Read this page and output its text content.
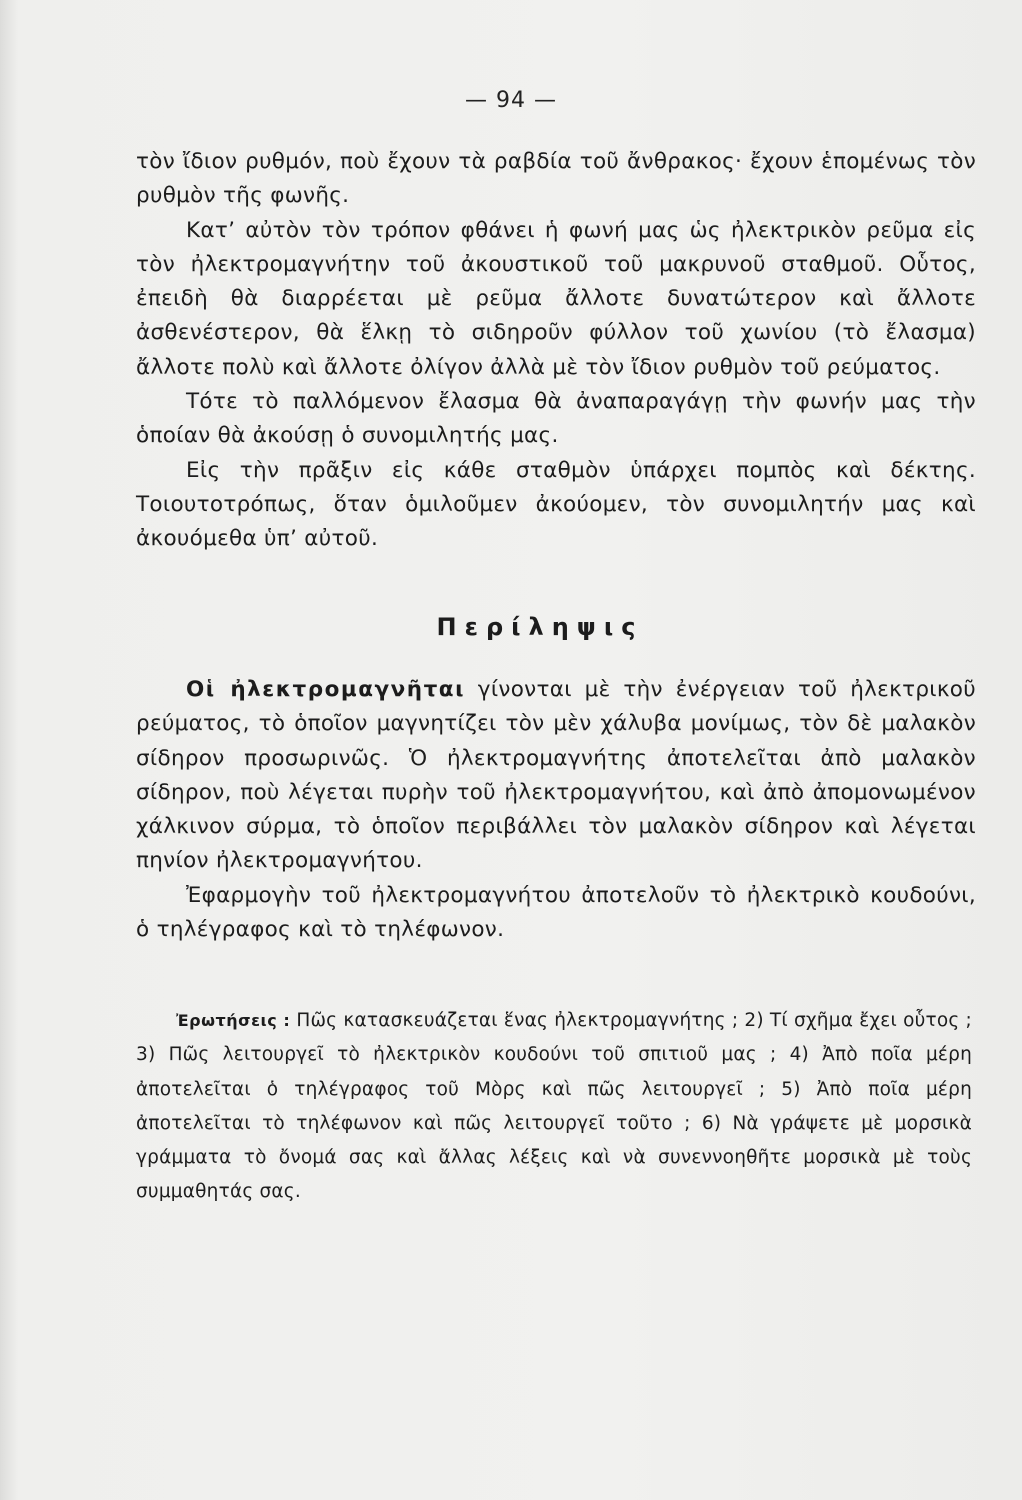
— 94 —

τὸν ἴδιον ρυθμόν, ποὺ ἔχουν τὰ ραβδία τοῦ ἄνθρακος· ἔχουν ἑπομένως τὸν ρυθμὸν τῆς φωνῆς.

Κατ’ αὐτὸν τὸν τρόπον φθάνει ἡ φωνή μας ὡς ἠλεκτρικὸν ρεῦμα εἰς τὸν ἠλεκτρομαγνήτην τοῦ ἀκουστικοῦ τοῦ μακρυνοῦ σταθμοῦ. Οὗτος, ἐπειδὴ θὰ διαρρέεται μὲ ρεῦμα ἄλλοτε δυνατώτερον καὶ ἄλλοτε ἀσθενέστερον, θὰ ἕλκῃ τὸ σιδηροῦν φύλλον τοῦ χωνίου (τὸ ἔλασμα) ἄλλοτε πολὺ καὶ ἄλλοτε ὀλίγον ἀλλὰ μὲ τὸν ἴδιον ρυθμὸν τοῦ ρεύματος.

Τότε τὸ παλλόμενον ἔλασμα θὰ ἀναπαραγάγῃ τὴν φωνήν μας τὴν ὁποίαν θὰ ἀκούσῃ ὁ συνομιλητής μας.

Εἰς τὴν πρᾶξιν εἰς κάθε σταθμὸν ὑπάρχει πομπὸς καὶ δέκτης. Τοιουτοτρόπως, ὅταν ὁμιλοῦμεν ἀκούομεν, τὸν συνομιλητήν μας καὶ ἀκουόμεθα ὑπ’ αὐτοῦ.

Περίληψις

Οἱ ἠλεκτρομαγνῆται γίνονται μὲ τὴν ἐνέργειαν τοῦ ἠλεκτρικοῦ ρεύματος, τὸ ὁποῖον μαγνητίζει τὸν μὲν χάλυβα μονίμως, τὸν δὲ μαλακὸν σίδηρον προσωρινῶς. Ὁ ἠλεκτρομαγνήτης ἀποτελεῖται ἀπὸ μαλακὸν σίδηρον, ποὺ λέγεται πυρὴν τοῦ ἠλεκτρομαγνήτου, καὶ ἀπὸ ἀπομονωμένον χάλκινον σύρμα, τὸ ὁποῖον περιβάλλει τὸν μαλακὸν σίδηρον καὶ λέγεται πηνίον ἠλεκτρομαγνήτου.

Ἐφαρμογὴν τοῦ ἠλεκτρομαγνήτου ἀποτελοῦν τὸ ἠλεκτρικὸ κουδούνι, ὁ τηλέγραφος καὶ τὸ τηλέφωνον.

Ἐρωτήσεις : Πῶς κατασκευάζεται ἕνας ἠλεκτρομαγνήτης ; 2) Τί σχῆμα ἔχει οὗτος ; 3) Πῶς λειτουργεῖ τὸ ἠλεκτρικὸν κουδούνι τοῦ σπιτιοῦ μας ; 4) Ἀπὸ ποῖα μέρη ἀποτελεῖται ὁ τηλέγραφος τοῦ Μὸρς καὶ πῶς λειτουργεῖ ; 5) Ἀπὸ ποῖα μέρη ἀποτελεῖται τὸ τηλέφωνον καὶ πῶς λειτουργεῖ τοῦτο ; 6) Νὰ γράψετε μὲ μορσικὰ γράμματα τὸ ὄνομά σας καὶ ἄλλας λέξεις καὶ νὰ συνεννοηθῆτε μορσικὰ μὲ τοὺς συμμαθητάς σας.
